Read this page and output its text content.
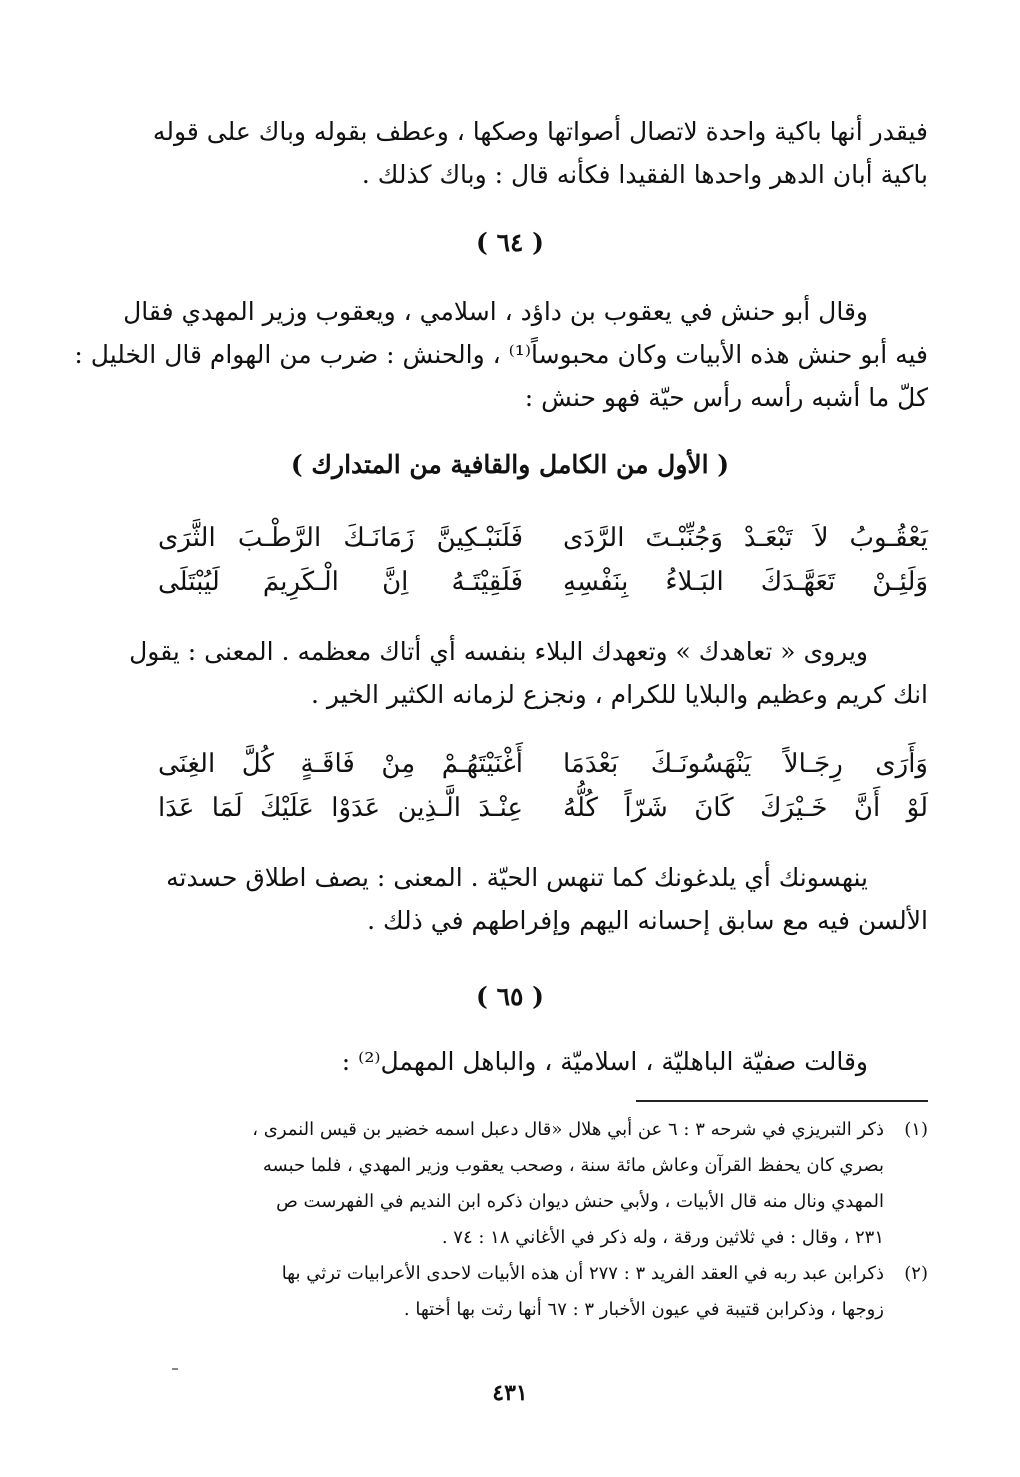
فيقدر أنها باكية واحدة لاتصال أصواتها وصكها ، وعطف بقوله وباك على قوله
باكية أبان الدهر واحدها الفقيدا فكأنه قال : وباك كذلك .
( ٦٤ )
وقال أبو حنش في يعقوب بن داؤد ، اسلامي ، ويعقوب وزير المهدي فقال
فيه أبو حنش هذه الأبيات وكان محبوساً⁽¹⁾ ، والحنش : ضرب من الهوام قال الخليل :
كلّ ما أشبه رأسه رأس حيّة فهو حنش :
( الأول من الكامل والقافية من المتدارك )
يَعْقُـوبُ لاَ تَبْعَـدْ وَجُنِّبْـتَ الرَّدَى
فَلَنَبْـكِينَّ زَمَانَـكَ الرَّطْـبَ الثَّرَى
وَلَئِـنْ تَعَهَّـدَكَ البَـلاءُ بِنَفْسِهِ
فَلَقِيْتَـهُ اِنَّ الْـكَرِيمَ لَيُبْتَلَى
ويروى « تعاهدك » وتعهدك البلاء بنفسه أي أتاك معظمه . المعنى : يقول
انك كريم وعظيم والبلايا للكرام ، ونجزع لزمانه الكثير الخير .
وَأَرَى رِجَـالاً يَنْهَسُونَـكَ بَعْدَمَا
أَغْنَيْتَهُـمْ مِنْ فَاقَـةٍ كُلَّ الغِنَى
لَوْ أَنَّ خَـيْرَكَ كَانَ شَرّاً كُلُّهُ
عِنْـدَ الَّـذِين عَدَوْا عَلَيْكَ لَمَا عَدَا
ينهسونك أي يلدغونك كما تنهس الحيّة . المعنى : يصف اطلاق حسدته
الألسن فيه مع سابق إحسانه اليهم وإفراطهم في ذلك .
( ٦٥ )
وقالت صفيّة الباهليّة ، اسلاميّة ، والباهل المهمل⁽²⁾ :
(١)
ذكر التبريزي في شرحه ٣ : ٦ عن أبي هلال «قال دعبل اسمه خضير بن قيس النمرى ،
بصري كان يحفظ القرآن وعاش مائة سنة ، وصحب يعقوب وزير المهدي ، فلما حبسه
المهدي ونال منه قال الأبيات ، ولأبي حنش ديوان ذكره ابن النديم في الفهرست ص
٢٣١ ، وقال : في ثلاثين ورقة ، وله ذكر في الأغاني ١٨ : ٧٤ .
(٢)
ذكرابن عبد ربه في العقد الفريد ٣ : ٢٧٧ أن هذه الأبيات لاحدى الأعرابيات ترثي بها
زوجها ، وذكرابن قتيبة في عيون الأخبار ٣ : ٦٧ أنها رثت بها أختها .
٤٣١
